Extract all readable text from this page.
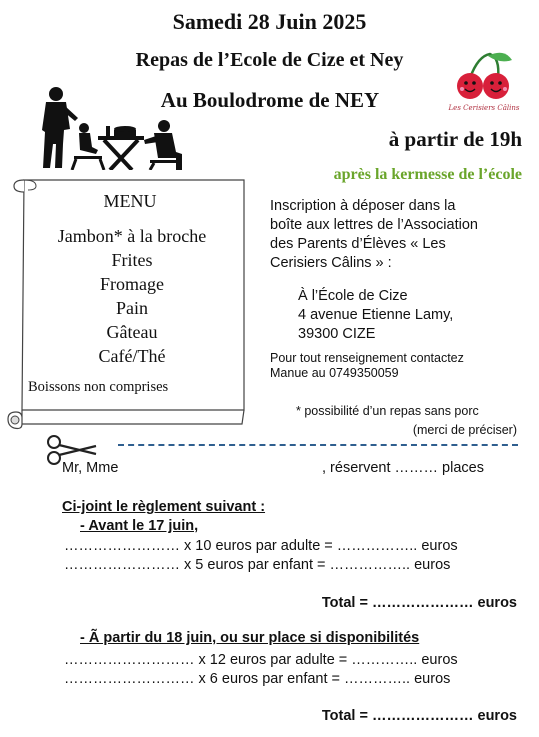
Samedi 28 Juin 2025
Repas de l’Ecole de Cize et Ney
Au Boulodrome de NEY
à partir de 19h
après la kermesse de l’école
Les Cerisiers Câlins
MENU
Jambon* à la broche
Frites
Fromage
Pain
Gâteau
Café/Thé
Boissons non comprises
Inscription à déposer dans la
boîte aux lettres de l’Association
des Parents d’Élèves « Les
Cerisiers Câlins » :
À l’École de Cize
4 avenue Etienne Lamy,
39300 CIZE
Pour tout renseignement contactez
Manue au 0749350059
* possibilité d’un repas sans porc
(merci de préciser)
Mr, Mme	, réservent ……… places
Ci-joint le règlement suivant :
- Avant le 17 juin,
…………………… x 10 euros par adulte = …………….. euros
…………………… x 5 euros par enfant = …………….. euros
Total = ………………… euros
- Ã partir du 18 juin, ou sur place si disponibilités
……………………… x 12 euros par adulte = ………….. euros
……………………… x 6 euros par enfant = ………….. euros
Total = ………………… euros
